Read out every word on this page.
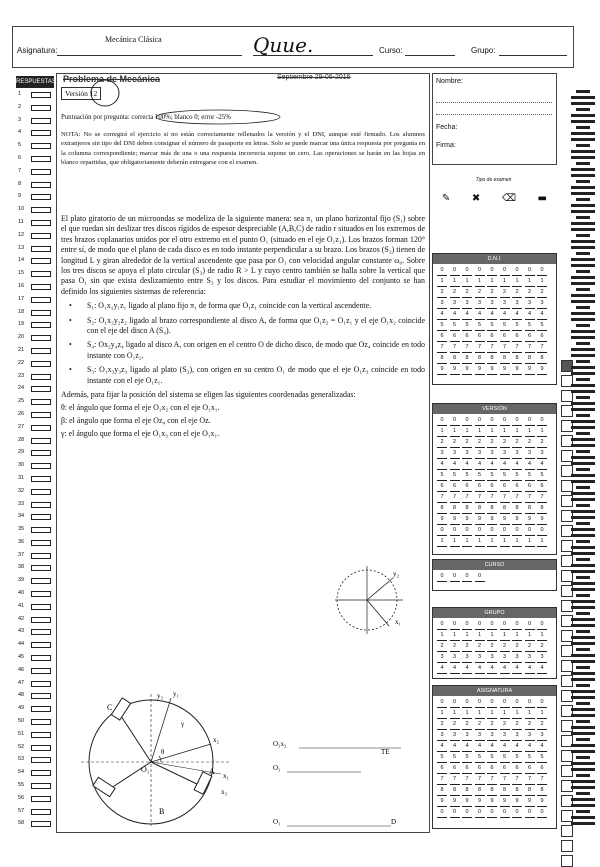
Asignatura:
Mecánica Clásica	Quue.	Curso:	Grupo:
RESPUESTAS
1
2
3
4
5
6
7
8
9
10
11
12
13
14
15
16
17
18
19
20
21
22
23
24
25
26
27
28
29
30
31
32
33
34
35
36
37
38
39
40
41
42
43
44
45
46
47
48
49
50
51
52
53
54
55
56
57
58
Problema de Mecánica	Septiembre 29-06-2016
Versión 12
Puntuación por pregunta: correcta 100%; blanco 0; error -25%
NOTA: No se corregirá el ejercicio si no están correctamente rellenados la versión y el DNI, aunque esté firmado. Los alumnos extranjeros sin tipo del DNI deben consignar el número de pasaporte en letras. Solo se puede marcar una única respuesta por pregunta en la columna correspondiente; marcar más de una o una respuesta incorrecta supone un cero. Las operaciones se harán en las hojas en blanco repartidas, que obligatoriamente deberán entregarse con el examen.

El plato giratorio de un microondas se modeliza de la siguiente manera: sea π₁ un plano horizontal fijo (S₁) sobre el que ruedan sin deslizar tres discos rígidos de espesor despreciable (A,B,C) de radio r situados en los extremos de tres brazos coplanarios unidos por el otro extremo en el punto O₁ (situado en el eje O₁z₁). Los brazos forman 120° entre sí, de modo que el plano de cada disco es en todo instante perpendicular a su brazo. Los brazos (S₂) tienen de longitud L y giran alrededor de la vertical ascendente que pasa por O₁ con velocidad angular constante ω₀. Sobre los tres discos se apoya el plato circular (S₃) de radio R > L y cuyo centro también se halla sobre la vertical que pasa O₁ sin que exista deslizamiento entre S₃ y los discos. Para estudiar el movimiento del conjunto se han definido los siguientes sistemas de referencia:

• S₁: O₁x₁y₁z₁ ligado al plano fijo π₁ de forma que O₁z₁ coincide con la vertical ascendente.
• S₂: O₁x₂y₂z₂ ligado al brazo correspondiente al disco A, de forma que O₁z₂ = O₁z₁ y el eje O₁x₂ coincide con el eje del disco A (S₄).
• S₄: Ox₂y₄z₄ ligado al disco A, con origen en el centro O de dicho disco, de modo que Oz₄ coincide en todo instante con O₁z₂.
• S₃: O₁x₃y₃z₃ ligado al plato (S₃), con origen en su centro O₁ de modo que el eje O₁z₃ coincide en todo instante con el eje O₁z₁.

Además, para fijar la posición del sistema se eligen las siguientes coordenadas generalizadas:

θ: el ángulo que forma el eje O₁x₂ con el eje O₁x₁.
β: el ángulo que forma el eje Oz₄ con el eje Oz.
γ: el ángulo que forma el eje O₁x₃ con el eje O₁x₁.
x₁
y₂
C
B
A
O₁
θ
y₁
x₂
x₁
γ
y₃
x₃
O₁x₂
O₁
TE
O₁	D
Nombre:
Fecha:
Firma:
Tipo de examen
✎ ✖ ⌫ ▬
D.N.I.
0	0	0	0	0	0	0	0	0
1	1	1	1	1	1	1	1	1
2	2	2	2	2	2	2	2	2
3	3	3	3	3	3	3	3	3
4	4	4	4	4	4	4	4	4
5	5	5	5	5	5	5	5	5
6	6	6	6	6	6	6	6	6
7	7	7	7	7	7	7	7	7
8	8	8	8	8	8	8	8	8
9	9	9	9	9	9	9	9	9
VERSIÓN
0	0	0	0	0	0	0	0	0
1	1	1	1	1	1	1	1	1
2	2	2	2	2	2	2	2	2
3	3	3	3	3	3	3	3	3
4	4	4	4	4	4	4	4	4
5	5	5	5	5	5	5	5	5
6	6	6	6	6	6	6	6	6
7	7	7	7	7	7	7	7	7
8	8	8	8	8	8	8	8	8
9	9	9	9	9	9	9	9	9
0	0	0	0	0	0	0	0	0
1	1	1	1	1	1	1	1	1
CURSO
0	0	0	0
GRUPO
0	0	0	0	0	0	0	0	0
1	1	1	1	1	1	1	1	1
2	2	2	2	2	2	2	2	2
3	3	3	3	3	3	3	3	3
4	4	4	4	4	4	4	4	4
ASIGNATURA
0	0	0	0	0	0	0	0	0
1	1	1	1	1	1	1	1	1
2	2	2	2	2	2	2	2	2
3	3	3	3	3	3	3	3	3
4	4	4	4	4	4	4	4	4
5	5	5	5	5	5	5	5	5
6	6	6	6	6	6	6	6	6
7	7	7	7	7	7	7	7	7
8	8	8	8	8	8	8	8	8
9	9	9	9	9	9	9	9	9
0	0	0	0	0	0	0	0	0
